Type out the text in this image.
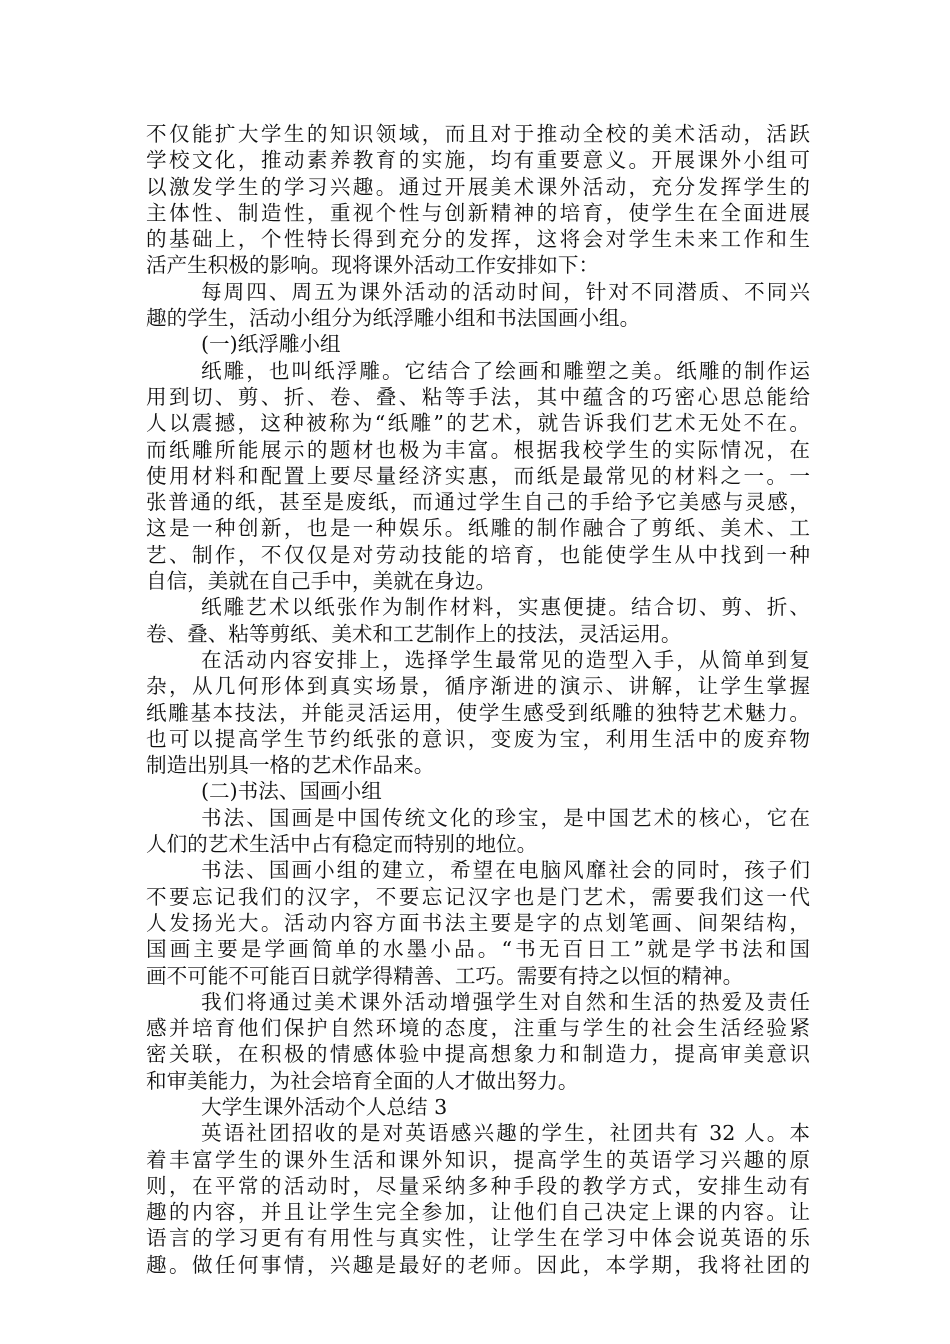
不仅能扩大学生的知识领域，而且对于推动全校的美术活动，活跃
学校文化，推动素养教育的实施，均有重要意义。开展课外小组可
以激发学生的学习兴趣。通过开展美术课外活动，充分发挥学生的
主体性、制造性，重视个性与创新精神的培育，使学生在全面进展
的基础上，个性特长得到充分的发挥，这将会对学生未来工作和生
活产生积极的影响。现将课外活动工作安排如下：
每周四、周五为课外活动的活动时间，针对不同潜质、不同兴
趣的学生，活动小组分为纸浮雕小组和书法国画小组。
(一)纸浮雕小组
纸雕，也叫纸浮雕。它结合了绘画和雕塑之美。纸雕的制作运
用到切、剪、折、卷、叠、粘等手法，其中蕴含的巧密心思总能给
人以震撼，这种被称为“纸雕”的艺术，就告诉我们艺术无处不在。
而纸雕所能展示的题材也极为丰富。根据我校学生的实际情况，在
使用材料和配置上要尽量经济实惠，而纸是最常见的材料之一。一
张普通的纸，甚至是废纸，而通过学生自己的手给予它美感与灵感，
这是一种创新，也是一种娱乐。纸雕的制作融合了剪纸、美术、工
艺、制作，不仅仅是对劳动技能的培育，也能使学生从中找到一种
自信，美就在自己手中，美就在身边。
纸雕艺术以纸张作为制作材料，实惠便捷。结合切、剪、折、
卷、叠、粘等剪纸、美术和工艺制作上的技法，灵活运用。
在活动内容安排上，选择学生最常见的造型入手，从简单到复
杂，从几何形体到真实场景，循序渐进的演示、讲解，让学生掌握
纸雕基本技法，并能灵活运用，使学生感受到纸雕的独特艺术魅力。
也可以提高学生节约纸张的意识，变废为宝，利用生活中的废弃物
制造出别具一格的艺术作品来。
(二)书法、国画小组
书法、国画是中国传统文化的珍宝，是中国艺术的核心，它在
人们的艺术生活中占有稳定而特别的地位。
书法、国画小组的建立，希望在电脑风靡社会的同时，孩子们
不要忘记我们的汉字，不要忘记汉字也是门艺术，需要我们这一代
人发扬光大。活动内容方面书法主要是字的点划笔画、间架结构，
国画主要是学画简单的水墨小品。“书无百日工”就是学书法和国
画不可能不可能百日就学得精善、工巧。需要有持之以恒的精神。
我们将通过美术课外活动增强学生对自然和生活的热爱及责任
感并培育他们保护自然环境的态度，注重与学生的社会生活经验紧
密关联，在积极的情感体验中提高想象力和制造力，提高审美意识
和审美能力，为社会培育全面的人才做出努力。
大学生课外活动个人总结 3
英语社团招收的是对英语感兴趣的学生，社团共有 32 人。本
着丰富学生的课外生活和课外知识，提高学生的英语学习兴趣的原
则，在平常的活动时，尽量采纳多种手段的教学方式，安排生动有
趣的内容，并且让学生完全参加，让他们自己决定上课的内容。让
语言的学习更有有用性与真实性，让学生在学习中体会说英语的乐
趣。做任何事情，兴趣是最好的老师。因此，本学期，我将社团的
